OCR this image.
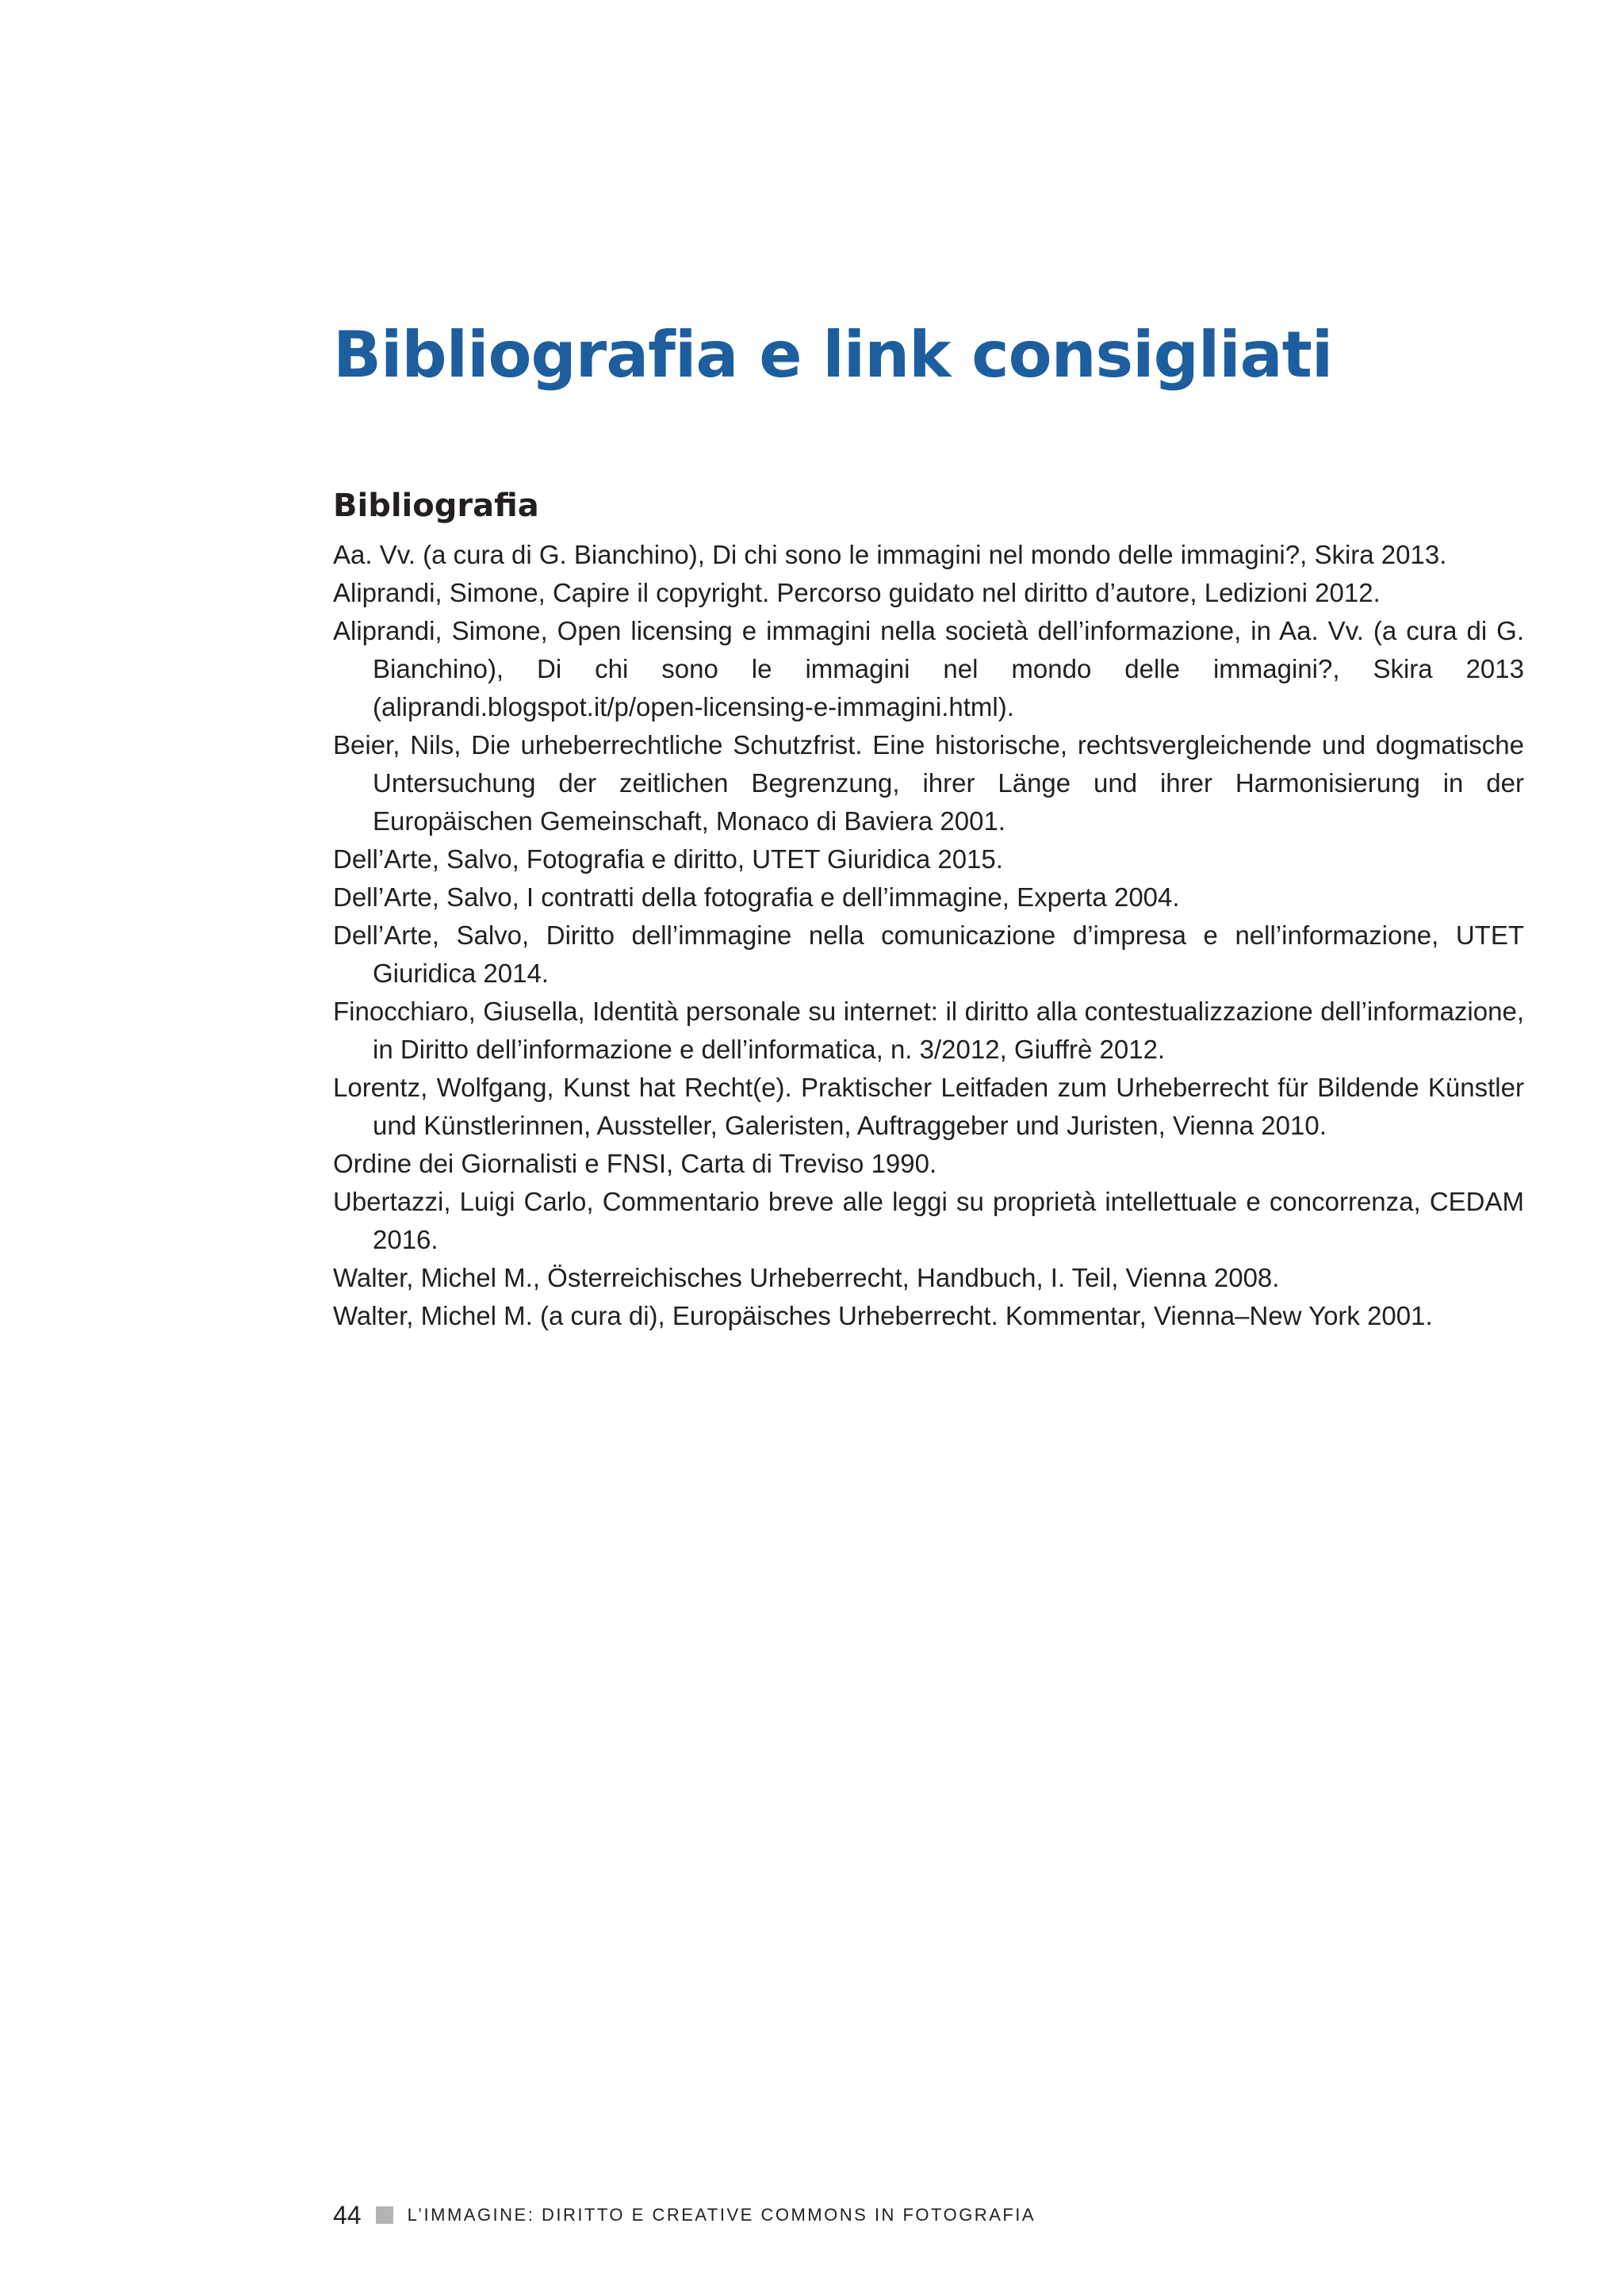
Bibliografia e link consigliati
Bibliografia
Aa. Vv. (a cura di G. Bianchino), Di chi sono le immagini nel mondo delle immagini?, Skira 2013.
Aliprandi, Simone, Capire il copyright. Percorso guidato nel diritto d’autore, Ledizioni 2012.
Aliprandi, Simone, Open licensing e immagini nella società dell’informazione, in Aa. Vv. (a cura di G. Bianchino), Di chi sono le immagini nel mondo delle immagini?, Skira 2013 (aliprandi.blogspot.it/p/open-licensing-e-immagini.html).
Beier, Nils, Die urheberrechtliche Schutzfrist. Eine historische, rechtsvergleichende und dogmatische Untersuchung der zeitlichen Begrenzung, ihrer Länge und ihrer Harmonisierung in der Europäischen Gemeinschaft, Monaco di Baviera 2001.
Dell’Arte, Salvo, Fotografia e diritto, UTET Giuridica 2015.
Dell’Arte, Salvo, I contratti della fotografia e dell’immagine, Experta 2004.
Dell’Arte, Salvo, Diritto dell’immagine nella comunicazione d’impresa e nell’informazione, UTET Giuridica 2014.
Finocchiaro, Giusella, Identità personale su internet: il diritto alla contestualizzazione dell’informazione, in Diritto dell’informazione e dell’informatica, n. 3/2012, Giuffrè 2012.
Lorentz, Wolfgang, Kunst hat Recht(e). Praktischer Leitfaden zum Urheberrecht für Bildende Künstler und Künstlerinnen, Aussteller, Galeristen, Auftraggeber und Juristen, Vienna 2010.
Ordine dei Giornalisti e FNSI, Carta di Treviso 1990.
Ubertazzi, Luigi Carlo, Commentario breve alle leggi su proprietà intellettuale e concorrenza, CEDAM 2016.
Walter, Michel M., Österreichisches Urheberrecht, Handbuch, I. Teil, Vienna 2008.
Walter, Michel M. (a cura di), Europäisches Urheberrecht. Kommentar, Vienna–New York 2001.
44	L’IMMAGINE: DIRITTO E CREATIVE COMMONS IN FOTOGRAFIA
